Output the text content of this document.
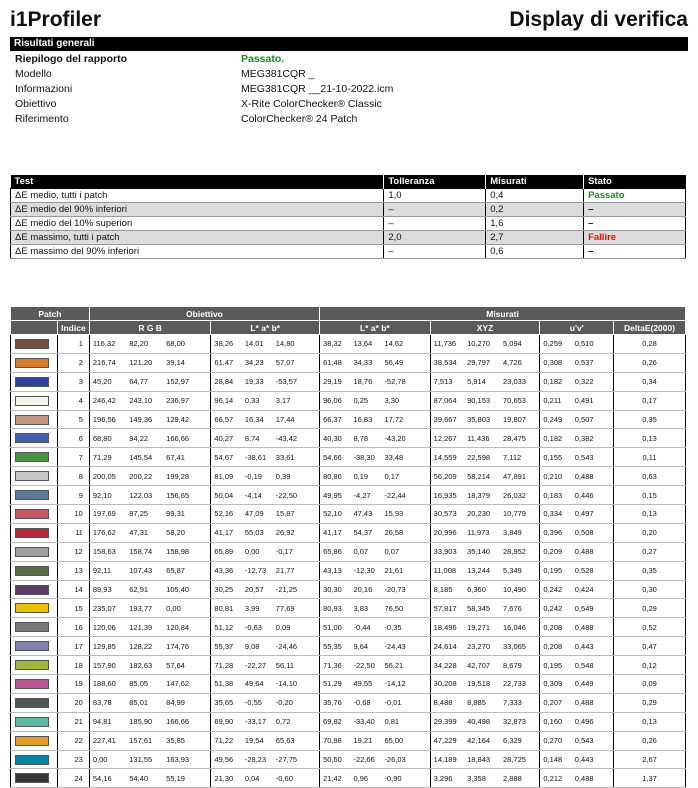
i1Profiler	Display di verifica
Risultati generali
Riepilogo del rapporto	Passato.
Modello	MEG381CQR _
Informazioni	MEG381CQR __21-10-2022.icm
Obiettivo	X-Rite ColorChecker® Classic
Riferimento	ColorChecker® 24 Patch
Test	Tolleranza	Misurati	Stato
ΔE medio, tutti i patch	1,0	0,4	Passato
ΔE medio del 90% inferiori	–	0,2	–
ΔE medio del 10% superiori	–	1,6	–
ΔE massimo, tutti i patch	2,0	2,7	Fallire
ΔE massimo del 90% inferiori	–	0,6	–
Patch		Obiettivo						Misurati								
	Indice	R G B			L* a* b*			L* a* b*			XYZ			u'v'		DeltaE(2000)

	1	116,32	82,20	68,00	38,26	14,01	14,80	38,32	13,64	14,62	11,736	10,270	5,094	0,259	0,510	0,28

	2	216,74	121,20	39,14	61,47	34,23	57,07	61,48	34,33	56,49	38,534	29,797	4,726	0,308	0,537	0,26

	3	45,20	64,77	152,97	28,84	19,33	-53,57	29,19	18,76	-52,78	7,513	5,914	23,033	0,182	0,322	0,34

	4	246,42	243,10	236,97	96,14	0,33	3,17	96,06	0,25	3,30	87,064	90,153	70,653	0,211	0,491	0,17

	5	196,56	149,36	129,42	66,57	16,34	17,44	66,37	16,83	17,72	39,667	35,803	19,807	0,249	0,507	0,35

	6	68,80	94,22	166,66	40,27	8,74	-43,42	40,30	8,78	-43,20	12,267	11,436	28,475	0,182	0,382	0,13

	7	71,29	145,54	67,41	54,67	-38,61	33,61	54,66	-38,30	33,48	14,559	22,598	7,112	0,155	0,543	0,11

	8	200,05	200,22	199,28	81,09	-0,19	0,39	80,86	0,19	0,17	56,209	58,214	47,891	0,210	0,488	0,63

	9	92,10	122,03	156,65	50,04	-4,14	-22,50	49,95	-4,27	-22,44	16,935	18,379	26,032	0,183	0,446	0,15

	10	197,69	87,25	99,31	52,16	47,09	15,87	52,10	47,43	15,93	30,573	20,230	10,779	0,334	0,497	0,13

	11	176,62	47,31	58,20	41,17	55,03	26,92	41,17	54,37	26,58	20,996	11,973	3,849	0,396	0,508	0,20

	12	158,63	158,74	158,98	65,89	0,00	-0,17	65,86	0,07	0,07	33,903	35,140	28,952	0,209	0,488	0,27

	13	92,11	107,43	65,87	43,36	-12,73	21,77	43,13	-12,30	21,61	11,008	13,244	5,349	0,195	0,528	0,35

	14	89,93	62,91	105,40	30,25	20,57	-21,25	30,30	20,16	-20,73	8,185	6,360	10,490	0,242	0,424	0,30

	15	235,07	193,77	0,00	80,81	3,99	77,69	80,93	3,83	76,50	57,817	58,345	7,676	0,242	0,549	0,29

	16	120,06	121,39	120,84	51,12	-0,63	0,09	51,00	-0,44	-0,35	18,496	19,271	16,046	0,208	0,488	0,52

	17	129,85	128,22	174,76	55,37	9,08	-24,46	55,35	9,64	-24,43	24,614	23,270	33,065	0,208	0,443	0,47

	18	157,90	182,63	57,64	71,28	-22,27	56,11	71,36	-22,50	56,21	34,228	42,707	8,679	0,195	0,548	0,12

	19	188,60	85,05	147,62	51,38	49,64	-14,10	51,29	49,55	-14,12	30,208	19,518	22,733	0,309	0,449	0,09

	20	83,78	85,01	84,99	35,65	-0,55	-0,20	35,76	-0,68	-0,01	8,488	8,885	7,333	0,207	0,488	0,29

	21	94,81	185,90	166,66	69,90	-33,17	0,72	69,82	-33,40	0,81	29,399	40,498	32,873	0,160	0,496	0,13

	22	227,41	157,61	35,85	71,22	19,54	65,63	70,98	19,21	65,00	47,229	42,164	6,329	0,270	0,543	0,26

	23	0,00	131,55	163,93	49,56	-28,23	-27,75	50,50	-22,66	-26,03	14,189	18,843	28,725	0,148	0,443	2,67

	24	54,16	54,40	55,19	21,30	0,04	-0,60	21,42	0,96	-0,90	3,296	3,358	2,888	0,212	0,488	1,37
